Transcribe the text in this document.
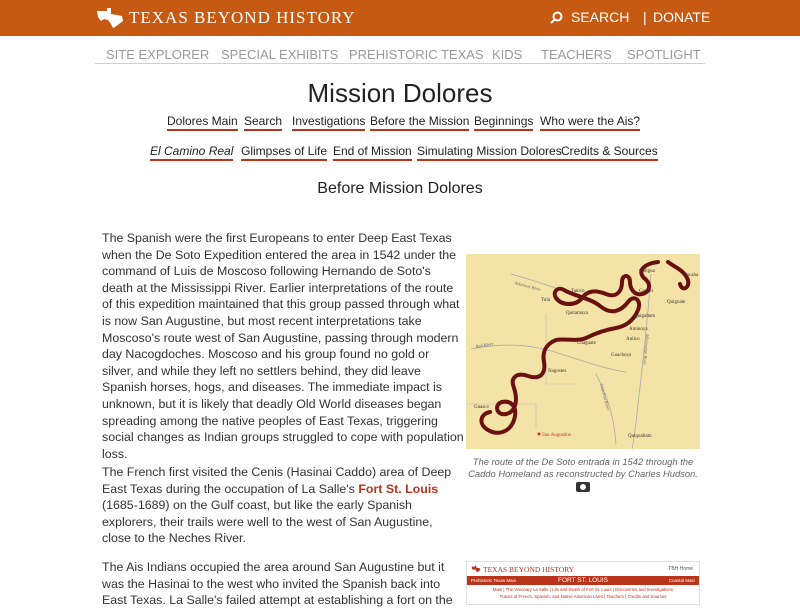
TEXAS BEYOND HISTORY	SEARCH | DONATE
SITE EXPLORER SPECIAL EXHIBITS PREHISTORIC TEXAS KIDS TEACHERS SPOTLIGHT
Mission Dolores
Dolores Main Search Investigations Before the Mission Beginnings Who were the Ais?
El Camino Real Glimpses of Life End of Mission Simulating Mission Dolores Credits & Sources
Before Mission Dolores

The Spanish were the first Europeans to enter Deep East Texas when the De Soto Expedition entered the area in 1542 under the command of Luis de Moscoso following Hernando de Soto's death at the Mississippi River. Earlier interpretations of the route of this expedition maintained that this group passed through what is now San Augustine, but most recent interpretations take Moscoso's route west of San Augustine, passing through modern day Nacogdoches. Moscoso and his group found no gold or silver, and while they left no settlers behind, they did leave Spanish horses, hogs, and diseases. The immediate impact is unknown, but it is likely that deadly Old World diseases began spreading among the native peoples of East Texas, triggering social changes as Indian groups struggled to cope with population loss.

The French first visited the Cenis (Hasinai Caddo) area of Deep East Texas during the occupation of La Salle's Fort St. Louis (1685-1689) on the Gulf coast, but like the early Spanish explorers, their trails were well to the west of San Augustine, close to the Neches River.

The Ais Indians occupied the area around San Augustine but it was the Hasinai to the west who invited the Spanish back into East Texas. La Salle's failed attempt at establishing a fort on the

Coligua
Pacaha
Casqui
Quiguate
Tanico
Tula
Quitamaya
Quigaltam
Aminoya
Anilco
Chaguate
Guachoya
Nagostes
Guasco
San Augustine	Quiqualtam
Arkansas River
Red River
Ouachita River
Mississippi River
The route of the De Soto entrada in 1542 through the Caddo Homeland as reconstructed by Charles Hudson.
TEXAS BEYOND HISTORY	TBH Home
Prehistoric Texas Main	FORT ST. LOUIS	Coastal Main
Main | The Visionary La Salle | Life and Death of Fort St. Louis | Discoveries and Investigations
Traces of French, Spanish, and Native American Lives | Teachers | Credits and Sources
